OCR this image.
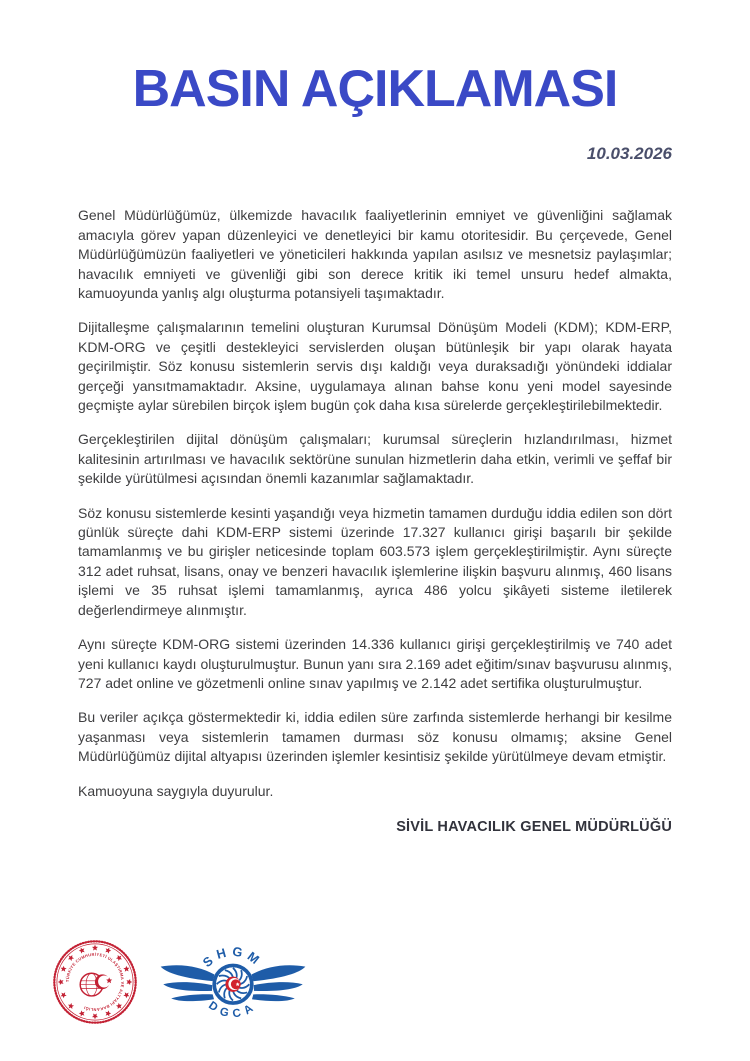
BASIN AÇIKLAMASI
10.03.2026

Genel Müdürlüğümüz, ülkemizde havacılık faaliyetlerinin emniyet ve güvenliğini sağlamak amacıyla görev yapan düzenleyici ve denetleyici bir kamu otoritesidir. Bu çerçevede, Genel Müdürlüğümüzün faaliyetleri ve yöneticileri hakkında yapılan asılsız ve mesnetsiz paylaşımlar; havacılık emniyeti ve güvenliği gibi son derece kritik iki temel unsuru hedef almakta, kamuoyunda yanlış algı oluşturma potansiyeli taşımaktadır.

Dijitalleşme çalışmalarının temelini oluşturan Kurumsal Dönüşüm Modeli (KDM); KDM-ERP, KDM-ORG ve çeşitli destekleyici servislerden oluşan bütünleşik bir yapı olarak hayata geçirilmiştir. Söz konusu sistemlerin servis dışı kaldığı veya duraksadığı yönündeki iddialar gerçeği yansıtmamaktadır. Aksine, uygulamaya alınan bahse konu yeni model sayesinde geçmişte aylar sürebilen birçok işlem bugün çok daha kısa sürelerde gerçekleştirilebilmektedir.

Gerçekleştirilen dijital dönüşüm çalışmaları; kurumsal süreçlerin hızlandırılması, hizmet kalitesinin artırılması ve havacılık sektörüne sunulan hizmetlerin daha etkin, verimli ve şeffaf bir şekilde yürütülmesi açısından önemli kazanımlar sağlamaktadır.

Söz konusu sistemlerde kesinti yaşandığı veya hizmetin tamamen durduğu iddia edilen son dört günlük süreçte dahi KDM-ERP sistemi üzerinde 17.327 kullanıcı girişi başarılı bir şekilde tamamlanmış ve bu girişler neticesinde toplam 603.573 işlem gerçekleştirilmiştir. Aynı süreçte 312 adet ruhsat, lisans, onay ve benzeri havacılık işlemlerine ilişkin başvuru alınmış, 460 lisans işlemi ve 35 ruhsat işlemi tamamlanmış, ayrıca 486 yolcu şikâyeti sisteme iletilerek değerlendirmeye alınmıştır.

Aynı süreçte KDM-ORG sistemi üzerinden 14.336 kullanıcı girişi gerçekleştirilmiş ve 740 adet yeni kullanıcı kaydı oluşturulmuştur. Bunun yanı sıra 2.169 adet eğitim/sınav başvurusu alınmış, 727 adet online ve gözetmenli online sınav yapılmış ve 2.142 adet sertifika oluşturulmuştur.

Bu veriler açıkça göstermektedir ki, iddia edilen süre zarfında sistemlerde herhangi bir kesilme yaşanması veya sistemlerin tamamen durması söz konusu olmamış; aksine Genel Müdürlüğümüz dijital altyapısı üzerinden işlemler kesintisiz şekilde yürütülmeye devam etmiştir.

Kamuoyuna saygıyla duyurulur.

SİVİL HAVACILIK GENEL MÜDÜRLÜĞÜ
TÜRKİYE CUMHURİYETİ ULAŞTIRMA VE ALTYAPI BAKANLIĞI
SHGM
DGCA
